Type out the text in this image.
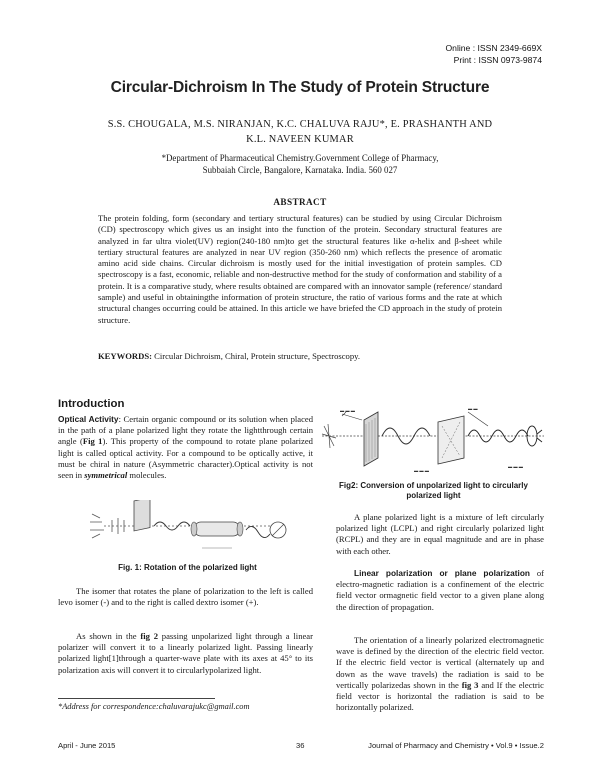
Online : ISSN 2349-669X
Print : ISSN 0973-9874
Circular-Dichroism In The Study of Protein Structure
S.S. CHOUGALA, M.S. NIRANJAN, K.C. CHALUVA RAJU*, E. PRASHANTH AND
K.L. NAVEEN KUMAR
*Department of Pharmaceutical Chemistry.Government College of Pharmacy,
Subbaiah Circle, Bangalore, Karnataka. India. 560 027
ABSTRACT
The protein folding, form (secondary and tertiary structural features) can be studied by using Circular Dichroism (CD) spectroscopy which gives us an insight into the function of the protein. Secondary structural features are analyzed in far ultra violet(UV) region(240-180 nm)to get the structural features like α-helix and β-sheet while tertiary structural features are analyzed in near UV region (350-260 nm) which reflects the presence of aromatic amino acid side chains. Circular dichroism is mostly used for the initial investigation of protein samples. CD spectroscopy is a fast, economic, reliable and non-destructive method for the study of conformation and stability of a protein. It is a comparative study, where results obtained are compared with an innovator sample (reference/ standard sample) and useful in obtainingthe information of protein structure, the ratio of various forms and the rate at which structural changes occurring could be attained. In this article we have briefed the CD approach in the study of protein structure.
KEYWORDS: Circular Dichroism, Chiral, Protein structure, Spectroscopy.
Introduction
Optical Activity: Certain organic compound or its solution when placed in the path of a plane polarized light they rotate the lightthrough certain angle (Fig 1). This property of the compound to rotate plane polarized light is called optical activity. For a compound to be optically active, it must be chiral in nature (Asymmetric character).Optical activity is not seen in symmetrical molecules.
Fig. 1: Rotation of the polarized light
The isomer that rotates the plane of polarization to the left is called levo isomer (-) and to the right is called dextro isomer (+).
As shown in the fig 2 passing unpolarized light through a linear polarizer will convert it to a linearly polarized light. Passing linearly polarized light[1]through a quarter-wave plate with its axes at 45° to its polarization axis will convert it to circularlypolarized light.
▬ ▬ ▬	▬ ▬
▬ ▬ ▬
▬ ▬ ▬
Fig2: Conversion of unpolarized light to circularly
polarized light
A plane polarized light is a mixture of left circularly polarized light (LCPL) and right circularly polarized light (RCPL) and they are in equal magnitude and are in phase with each other.
Linear polarization or plane polarization of electro-magnetic radiation is a confinement of the electric field vector ormagnetic field vector to a given plane along the direction of propagation.
The orientation of a linearly polarized electromagnetic wave is defined by the direction of the electric field vector. If the electric field vector is vertical (alternately up and down as the wave travels) the radiation is said to be vertically polarizedas shown in the fig 3 and If the electric field vector is horizontal the radiation is said to be horizontally polarized.
*Address for correspondence:chaluvarajukc@gmail.com
April - June 2015	36	Journal of Pharmacy and Chemistry • Vol.9 • Issue.2
